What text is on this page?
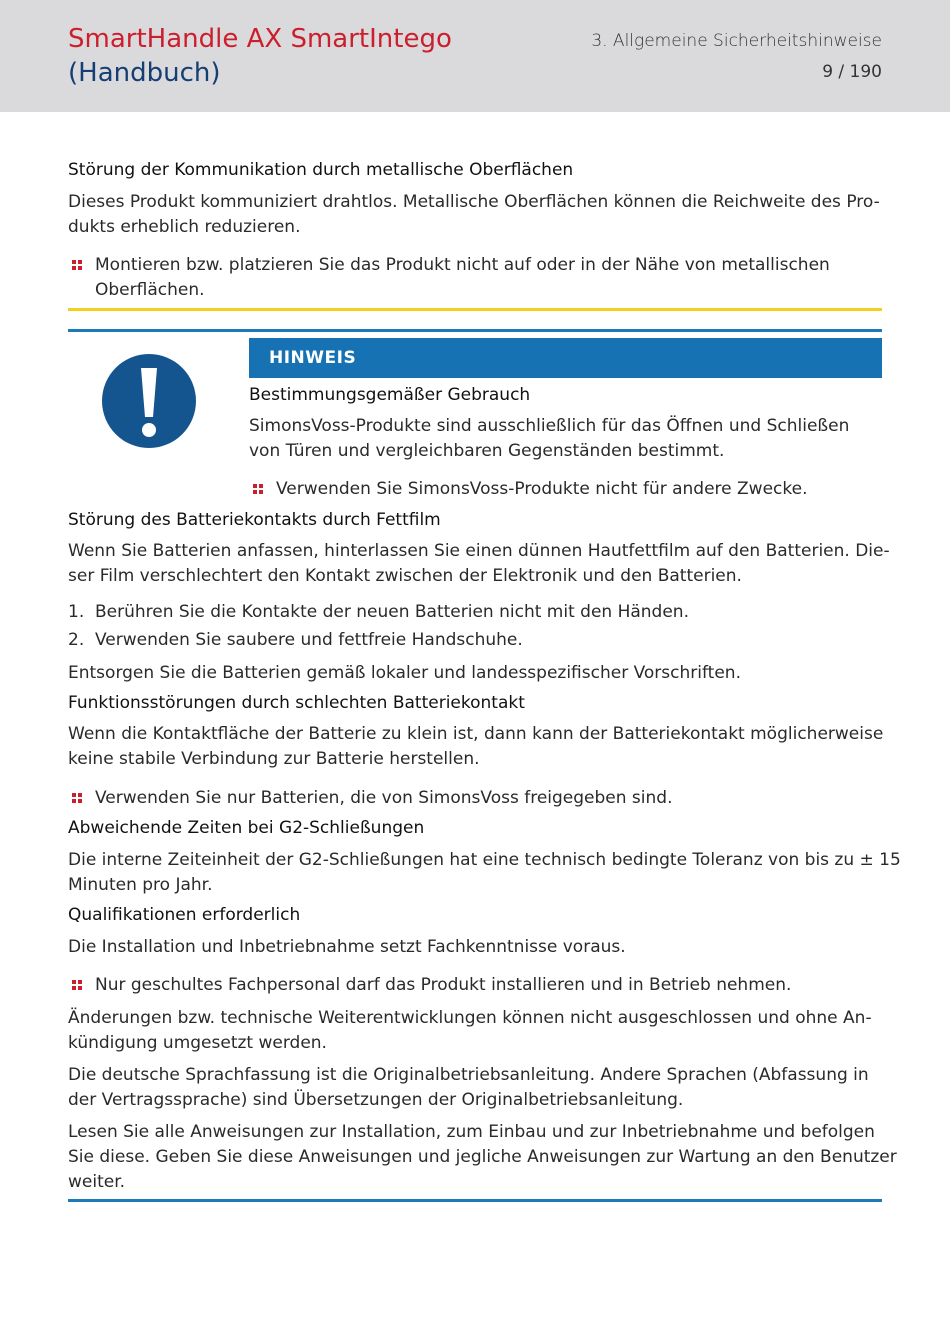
SmartHandle AX SmartIntego
(Handbuch)
3. Allgemeine Sicherheitshinweise
9 / 190
Störung der Kommunikation durch metallische Oberflächen
Dieses Produkt kommuniziert drahtlos. Metallische Oberflächen können die Reichweite des Pro-
dukts erheblich reduzieren.
Montieren bzw. platzieren Sie das Produkt nicht auf oder in der Nähe von metallischen
Oberflächen.
HINWEIS
Bestimmungsgemäßer Gebrauch
SimonsVoss-Produkte sind ausschließlich für das Öffnen und Schließen
von Türen und vergleichbaren Gegenständen bestimmt.
Verwenden Sie SimonsVoss-Produkte nicht für andere Zwecke.
Störung des Batteriekontakts durch Fettfilm
Wenn Sie Batterien anfassen, hinterlassen Sie einen dünnen Hautfettfilm auf den Batterien. Die-
ser Film verschlechtert den Kontakt zwischen der Elektronik und den Batterien.
1. Berühren Sie die Kontakte der neuen Batterien nicht mit den Händen.
2. Verwenden Sie saubere und fettfreie Handschuhe.
Entsorgen Sie die Batterien gemäß lokaler und landesspezifischer Vorschriften.
Funktionsstörungen durch schlechten Batteriekontakt
Wenn die Kontaktfläche der Batterie zu klein ist, dann kann der Batteriekontakt möglicherweise
keine stabile Verbindung zur Batterie herstellen.
Verwenden Sie nur Batterien, die von SimonsVoss freigegeben sind.
Abweichende Zeiten bei G2-Schließungen
Die interne Zeiteinheit der G2-Schließungen hat eine technisch bedingte Toleranz von bis zu ± 15
Minuten pro Jahr.
Qualifikationen erforderlich
Die Installation und Inbetriebnahme setzt Fachkenntnisse voraus.
Nur geschultes Fachpersonal darf das Produkt installieren und in Betrieb nehmen.
Änderungen bzw. technische Weiterentwicklungen können nicht ausgeschlossen und ohne An-
kündigung umgesetzt werden.
Die deutsche Sprachfassung ist die Originalbetriebsanleitung. Andere Sprachen (Abfassung in
der Vertragssprache) sind Übersetzungen der Originalbetriebsanleitung.
Lesen Sie alle Anweisungen zur Installation, zum Einbau und zur Inbetriebnahme und befolgen
Sie diese. Geben Sie diese Anweisungen und jegliche Anweisungen zur Wartung an den Benutzer
weiter.
